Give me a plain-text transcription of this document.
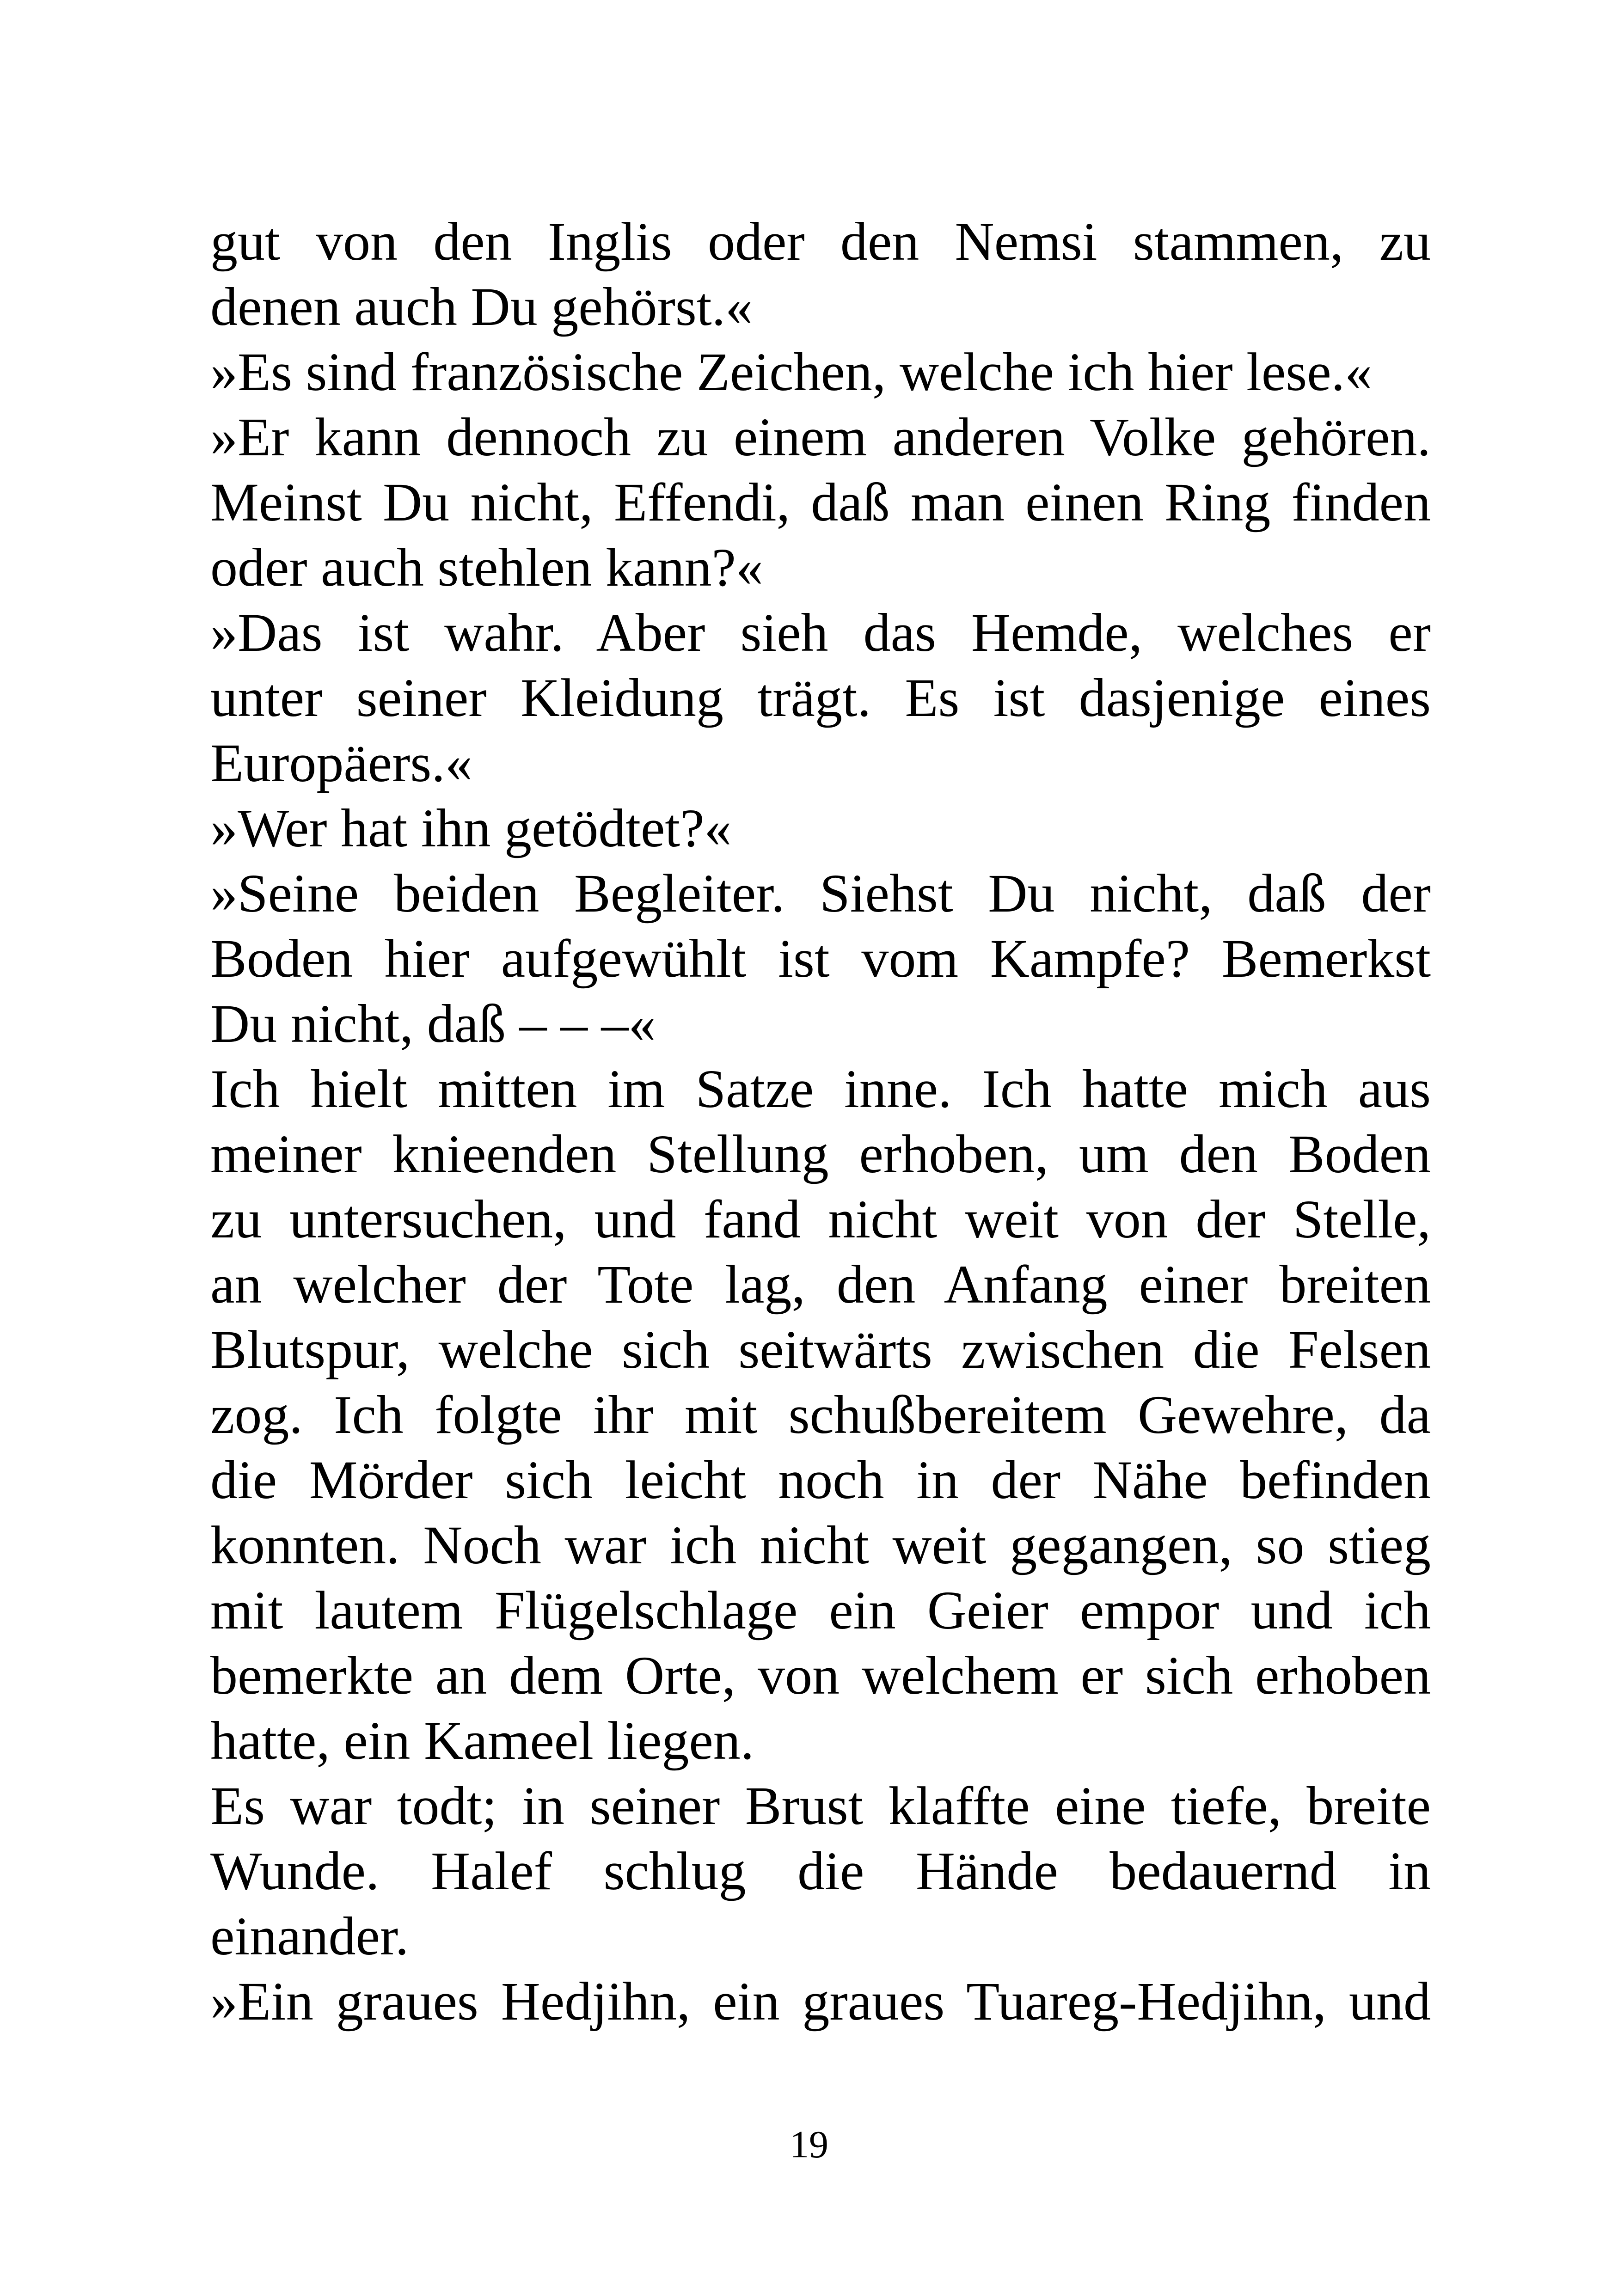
gut von den Inglis oder den Nemsi stammen, zu
denen auch Du gehörst.«

»Es sind französische Zeichen, welche ich hier lese.«

»Er kann dennoch zu einem anderen Volke gehören.
Meinst Du nicht, Effendi, daß man einen Ring finden
oder auch stehlen kann?«

»Das ist wahr. Aber sieh das Hemde, welches er
unter seiner Kleidung trägt. Es ist dasjenige eines
Europäers.«

»Wer hat ihn getödtet?«

»Seine beiden Begleiter. Siehst Du nicht, daß der
Boden hier aufgewühlt ist vom Kampfe? Bemerkst
Du nicht, daß – – –«

Ich hielt mitten im Satze inne. Ich hatte mich aus
meiner knieenden Stellung erhoben, um den Boden
zu untersuchen, und fand nicht weit von der Stelle,
an welcher der Tote lag, den Anfang einer breiten
Blutspur, welche sich seitwärts zwischen die Felsen
zog. Ich folgte ihr mit schußbereitem Gewehre, da
die Mörder sich leicht noch in der Nähe befinden
konnten. Noch war ich nicht weit gegangen, so stieg
mit lautem Flügelschlage ein Geier empor und ich
bemerkte an dem Orte, von welchem er sich erhoben
hatte, ein Kameel liegen.

Es war todt; in seiner Brust klaffte eine tiefe, breite
Wunde. Halef schlug die Hände bedauernd in
einander.

»Ein graues Hedjihn, ein graues Tuareg-Hedjihn, und

19
